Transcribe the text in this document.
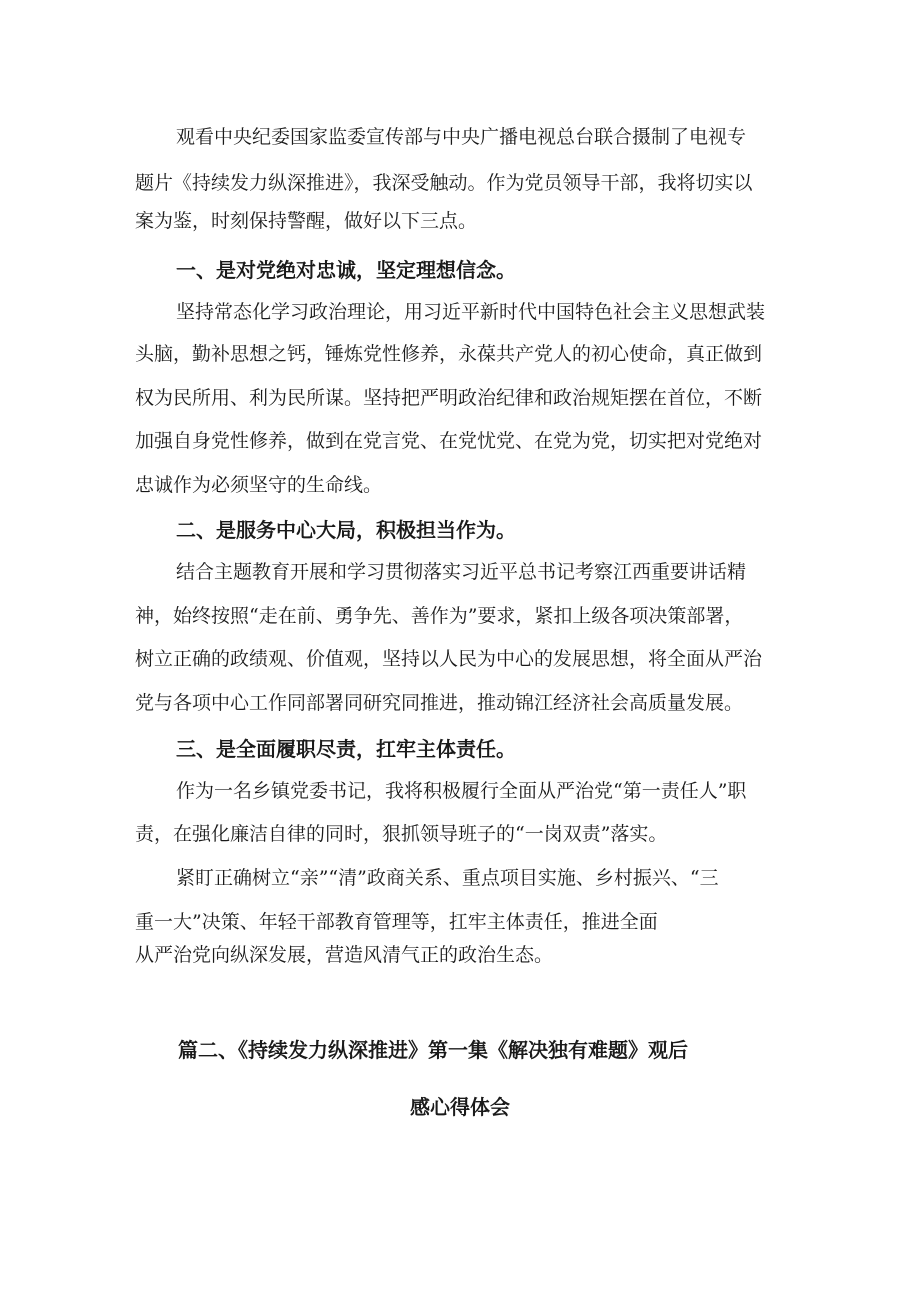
观看中央纪委国家监委宣传部与中央广播电视总台联合摄制了电视专
题片《持续发力纵深推进》，我深受触动。作为党员领导干部，我将切实以
案为鉴，时刻保持警醒，做好以下三点。
一、是对党绝对忠诚，坚定理想信念。
坚持常态化学习政治理论，用习近平新时代中国特色社会主义思想武装
头脑，勤补思想之钙，锤炼党性修养，永葆共产党人的初心使命，真正做到
权为民所用、利为民所谋。坚持把严明政治纪律和政治规矩摆在首位，不断
加强自身党性修养，做到在党言党、在党忧党、在党为党，切实把对党绝对
忠诚作为必须坚守的生命线。
二、是服务中心大局，积极担当作为。
结合主题教育开展和学习贯彻落实习近平总书记考察江西重要讲话精
神，始终按照“走在前、勇争先、善作为”要求，紧扣上级各项决策部署，
树立正确的政绩观、价值观，坚持以人民为中心的发展思想，将全面从严治
党与各项中心工作同部署同研究同推进，推动锦江经济社会高质量发展。
三、是全面履职尽责，扛牢主体责任。
作为一名乡镇党委书记，我将积极履行全面从严治党“第一责任人”职
责，在强化廉洁自律的同时，狠抓领导班子的“一岗双责”落实。
紧盯正确树立“亲”“清”政商关系、重点项目实施、乡村振兴、“三
重一大”决策、年轻干部教育管理等，扛牢主体责任，推进全面
从严治党向纵深发展，营造风清气正的政治生态。
篇二、《持续发力纵深推进》第一集《解决独有难题》观后
感心得体会
